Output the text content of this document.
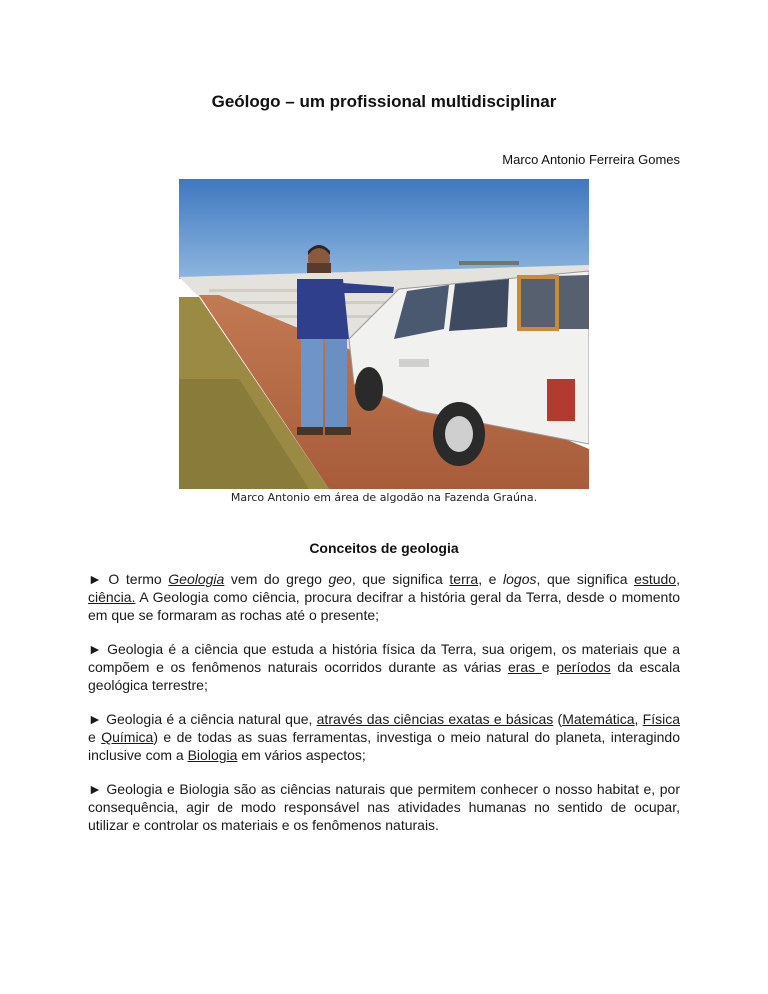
Geólogo – um profissional multidisciplinar
Marco Antonio Ferreira Gomes
Marco Antonio em área de algodão na Fazenda Graúna.
Conceitos de geologia
► O termo Geologia vem do grego geo, que significa terra, e logos, que significa estudo, ciência. A Geologia como ciência, procura decifrar a história geral da Terra, desde o momento em que se formaram as rochas até o presente;
► Geologia é a ciência que estuda a história física da Terra, sua origem, os materiais que a compõem e os fenômenos naturais ocorridos durante as várias eras e períodos da escala geológica terrestre;
► Geologia é a ciência natural que, através das ciências exatas e básicas (Matemática, Física e Química) e de todas as suas ferramentas, investiga o meio natural do planeta, interagindo inclusive com a Biologia em vários aspectos;
► Geologia e Biologia são as ciências naturais que permitem conhecer o nosso habitat e, por consequência, agir de modo responsável nas atividades humanas no sentido de ocupar, utilizar e controlar os materiais e os fenômenos naturais.
